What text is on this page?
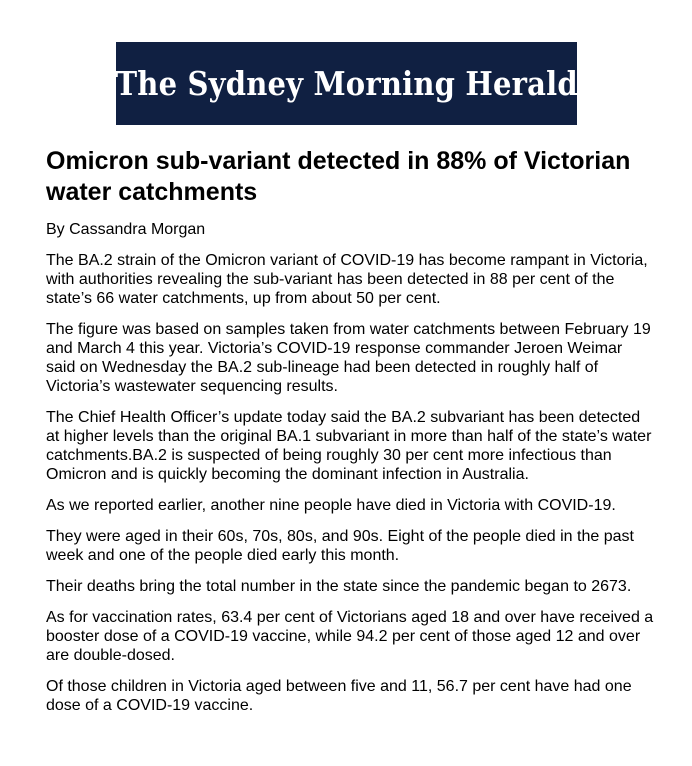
The Sydney Morning Herald
Omicron sub-variant detected in 88% of Victorian water catchments

By Cassandra Morgan

The BA.2 strain of the Omicron variant of COVID-19 has become rampant in Victoria, with authorities revealing the sub-variant has been detected in 88 per cent of the state’s 66 water catchments, up from about 50 per cent.

The figure was based on samples taken from water catchments between February 19 and March 4 this year. Victoria’s COVID-19 response commander Jeroen Weimar said on Wednesday the BA.2 sub-lineage had been detected in roughly half of Victoria’s wastewater sequencing results.

The Chief Health Officer’s update today said the BA.2 subvariant has been detected at higher levels than the original BA.1 subvariant in more than half of the state’s water catchments.BA.2 is suspected of being roughly 30 per cent more infectious than Omicron and is quickly becoming the dominant infection in Australia.

As we reported earlier, another nine people have died in Victoria with COVID-19.

They were aged in their 60s, 70s, 80s, and 90s. Eight of the people died in the past week and one of the people died early this month.

Their deaths bring the total number in the state since the pandemic began to 2673.

As for vaccination rates, 63.4 per cent of Victorians aged 18 and over have received a booster dose of a COVID-19 vaccine, while 94.2 per cent of those aged 12 and over are double-dosed.

Of those children in Victoria aged between five and 11, 56.7 per cent have had one dose of a COVID-19 vaccine.
